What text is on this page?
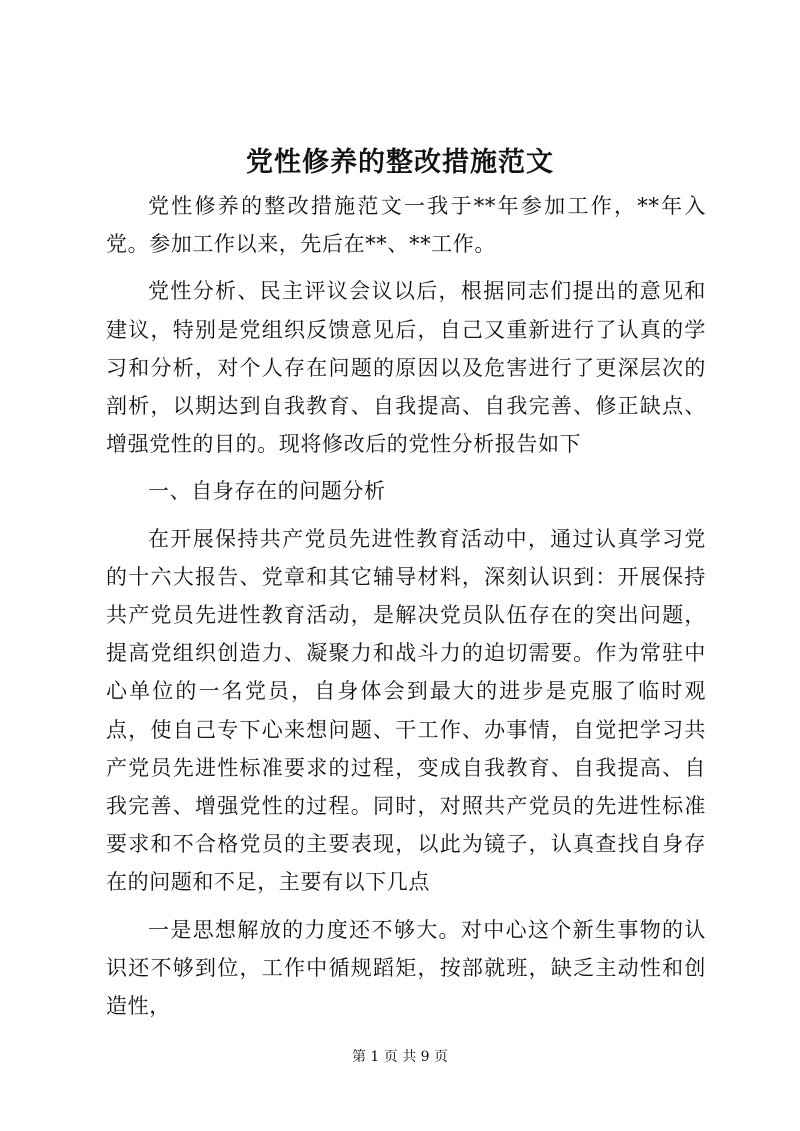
党性修养的整改措施范文

党性修养的整改措施范文一我于**年参加工作，**年入党。参加工作以来，先后在**、**工作。

党性分析、民主评议会议以后，根据同志们提出的意见和建议，特别是党组织反馈意见后，自己又重新进行了认真的学习和分析，对个人存在问题的原因以及危害进行了更深层次的剖析，以期达到自我教育、自我提高、自我完善、修正缺点、增强党性的目的。现将修改后的党性分析报告如下

一、自身存在的问题分析

在开展保持共产党员先进性教育活动中，通过认真学习党的十六大报告、党章和其它辅导材料，深刻认识到：开展保持共产党员先进性教育活动，是解决党员队伍存在的突出问题，提高党组织创造力、凝聚力和战斗力的迫切需要。作为常驻中心单位的一名党员，自身体会到最大的进步是克服了临时观点，使自己专下心来想问题、干工作、办事情，自觉把学习共产党员先进性标准要求的过程，变成自我教育、自我提高、自我完善、增强党性的过程。同时，对照共产党员的先进性标准要求和不合格党员的主要表现，以此为镜子，认真查找自身存在的问题和不足，主要有以下几点

一是思想解放的力度还不够大。对中心这个新生事物的认识还不够到位，工作中循规蹈矩，按部就班，缺乏主动性和创造性，

第 1 页 共 9 页
